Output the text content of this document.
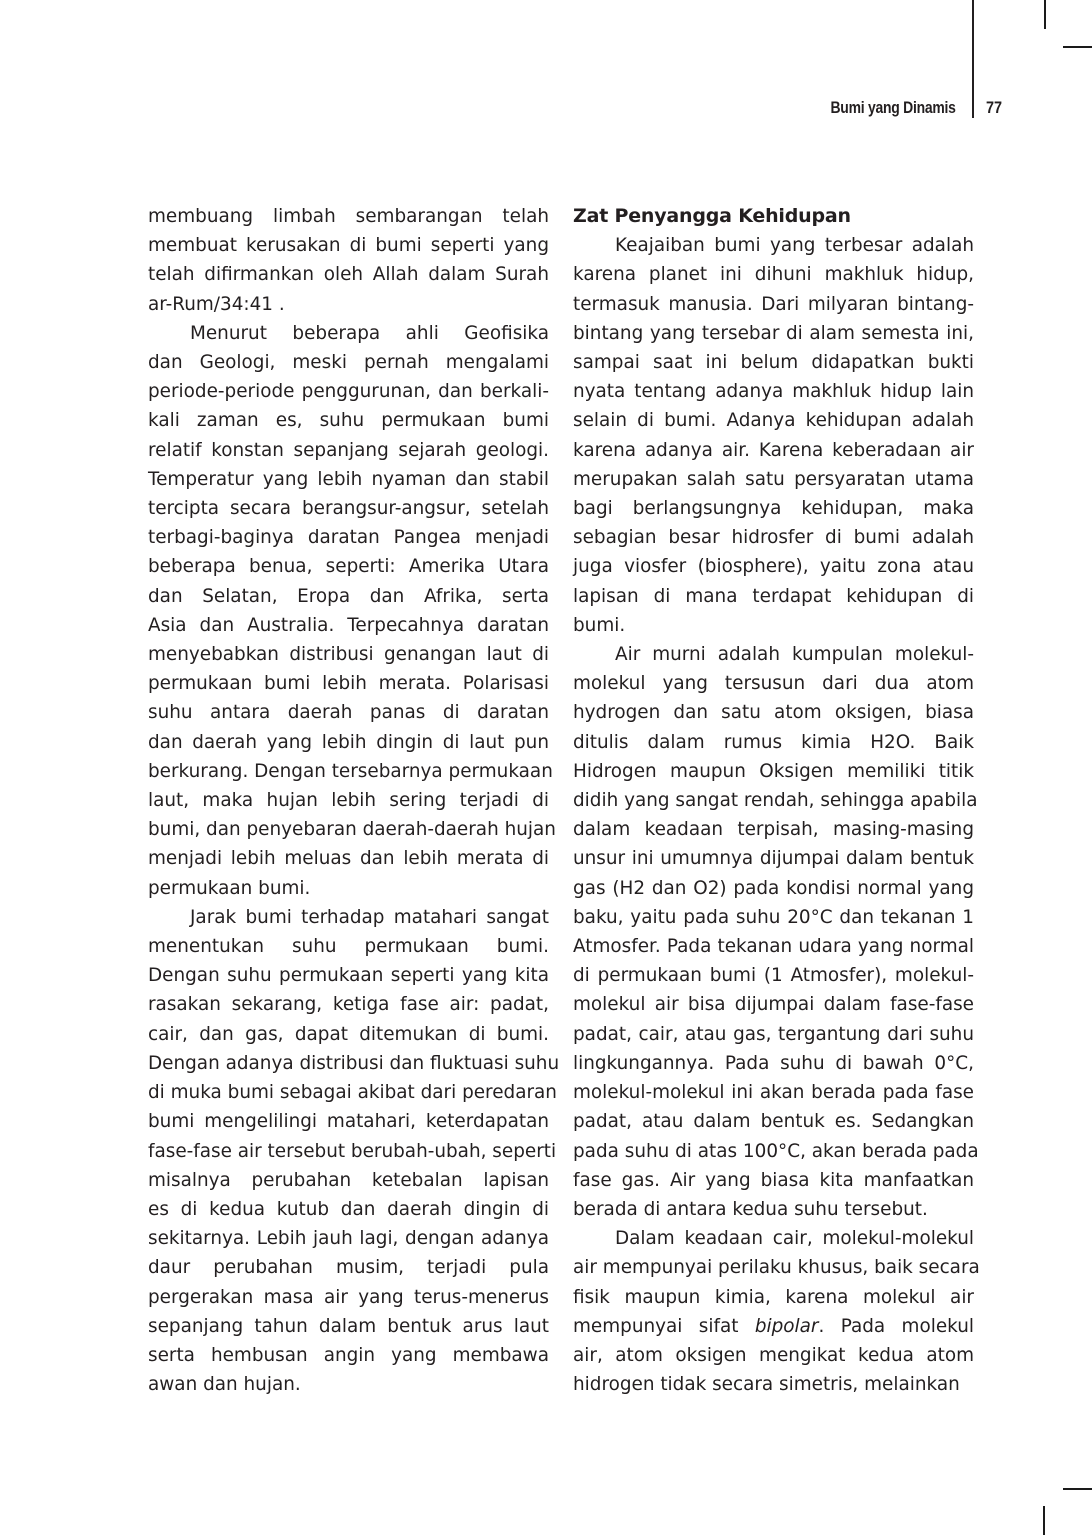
Bumi yang Dinamis 77

membuang limbah sembarangan telah
membuat kerusakan di bumi seperti yang
telah difirmankan oleh Allah dalam Surah
ar-Rum/34:41 .

Menurut beberapa ahli Geofisika
dan Geologi, meski pernah mengalami
periode-periode penggurunan, dan berkali-
kali zaman es, suhu permukaan bumi
relatif konstan sepanjang sejarah geologi.
Temperatur yang lebih nyaman dan stabil
tercipta secara berangsur-angsur, setelah
terbagi-baginya daratan Pangea menjadi
beberapa benua, seperti: Amerika Utara
dan Selatan, Eropa dan Afrika, serta
Asia dan Australia. Terpecahnya daratan
menyebabkan distribusi genangan laut di
permukaan bumi lebih merata. Polarisasi
suhu antara daerah panas di daratan
dan daerah yang lebih dingin di laut pun
berkurang. Dengan tersebarnya permukaan
laut, maka hujan lebih sering terjadi di
bumi, dan penyebaran daerah-daerah hujan
menjadi lebih meluas dan lebih merata di
permukaan bumi.

Jarak bumi terhadap matahari sangat
menentukan suhu permukaan bumi.
Dengan suhu permukaan seperti yang kita
rasakan sekarang, ketiga fase air: padat,
cair, dan gas, dapat ditemukan di bumi.
Dengan adanya distribusi dan fluktuasi suhu
di muka bumi sebagai akibat dari peredaran
bumi mengelilingi matahari, keterdapatan
fase-fase air tersebut berubah-ubah, seperti
misalnya perubahan ketebalan lapisan
es di kedua kutub dan daerah dingin di
sekitarnya. Lebih jauh lagi, dengan adanya
daur perubahan musim, terjadi pula
pergerakan masa air yang terus-menerus
sepanjang tahun dalam bentuk arus laut
serta hembusan angin yang membawa
awan dan hujan.

Zat Penyangga Kehidupan

Keajaiban bumi yang terbesar adalah
karena planet ini dihuni makhluk hidup,
termasuk manusia. Dari milyaran bintang-
bintang yang tersebar di alam semesta ini,
sampai saat ini belum didapatkan bukti
nyata tentang adanya makhluk hidup lain
selain di bumi. Adanya kehidupan adalah
karena adanya air. Karena keberadaan air
merupakan salah satu persyaratan utama
bagi berlangsungnya kehidupan, maka
sebagian besar hidrosfer di bumi adalah
juga viosfer (biosphere), yaitu zona atau
lapisan di mana terdapat kehidupan di
bumi.

Air murni adalah kumpulan molekul-
molekul yang tersusun dari dua atom
hydrogen dan satu atom oksigen, biasa
ditulis dalam rumus kimia H2O. Baik
Hidrogen maupun Oksigen memiliki titik
didih yang sangat rendah, sehingga apabila
dalam keadaan terpisah, masing-masing
unsur ini umumnya dijumpai dalam bentuk
gas (H2 dan O2) pada kondisi normal yang
baku, yaitu pada suhu 20°C dan tekanan 1
Atmosfer. Pada tekanan udara yang normal
di permukaan bumi (1 Atmosfer), molekul-
molekul air bisa dijumpai dalam fase-fase
padat, cair, atau gas, tergantung dari suhu
lingkungannya. Pada suhu di bawah 0°C,
molekul-molekul ini akan berada pada fase
padat, atau dalam bentuk es. Sedangkan
pada suhu di atas 100°C, akan berada pada
fase gas. Air yang biasa kita manfaatkan
berada di antara kedua suhu tersebut.

Dalam keadaan cair, molekul-molekul
air mempunyai perilaku khusus, baik secara
fisik maupun kimia, karena molekul air
mempunyai sifat bipolar. Pada molekul
air, atom oksigen mengikat kedua atom
hidrogen tidak secara simetris, melainkan
